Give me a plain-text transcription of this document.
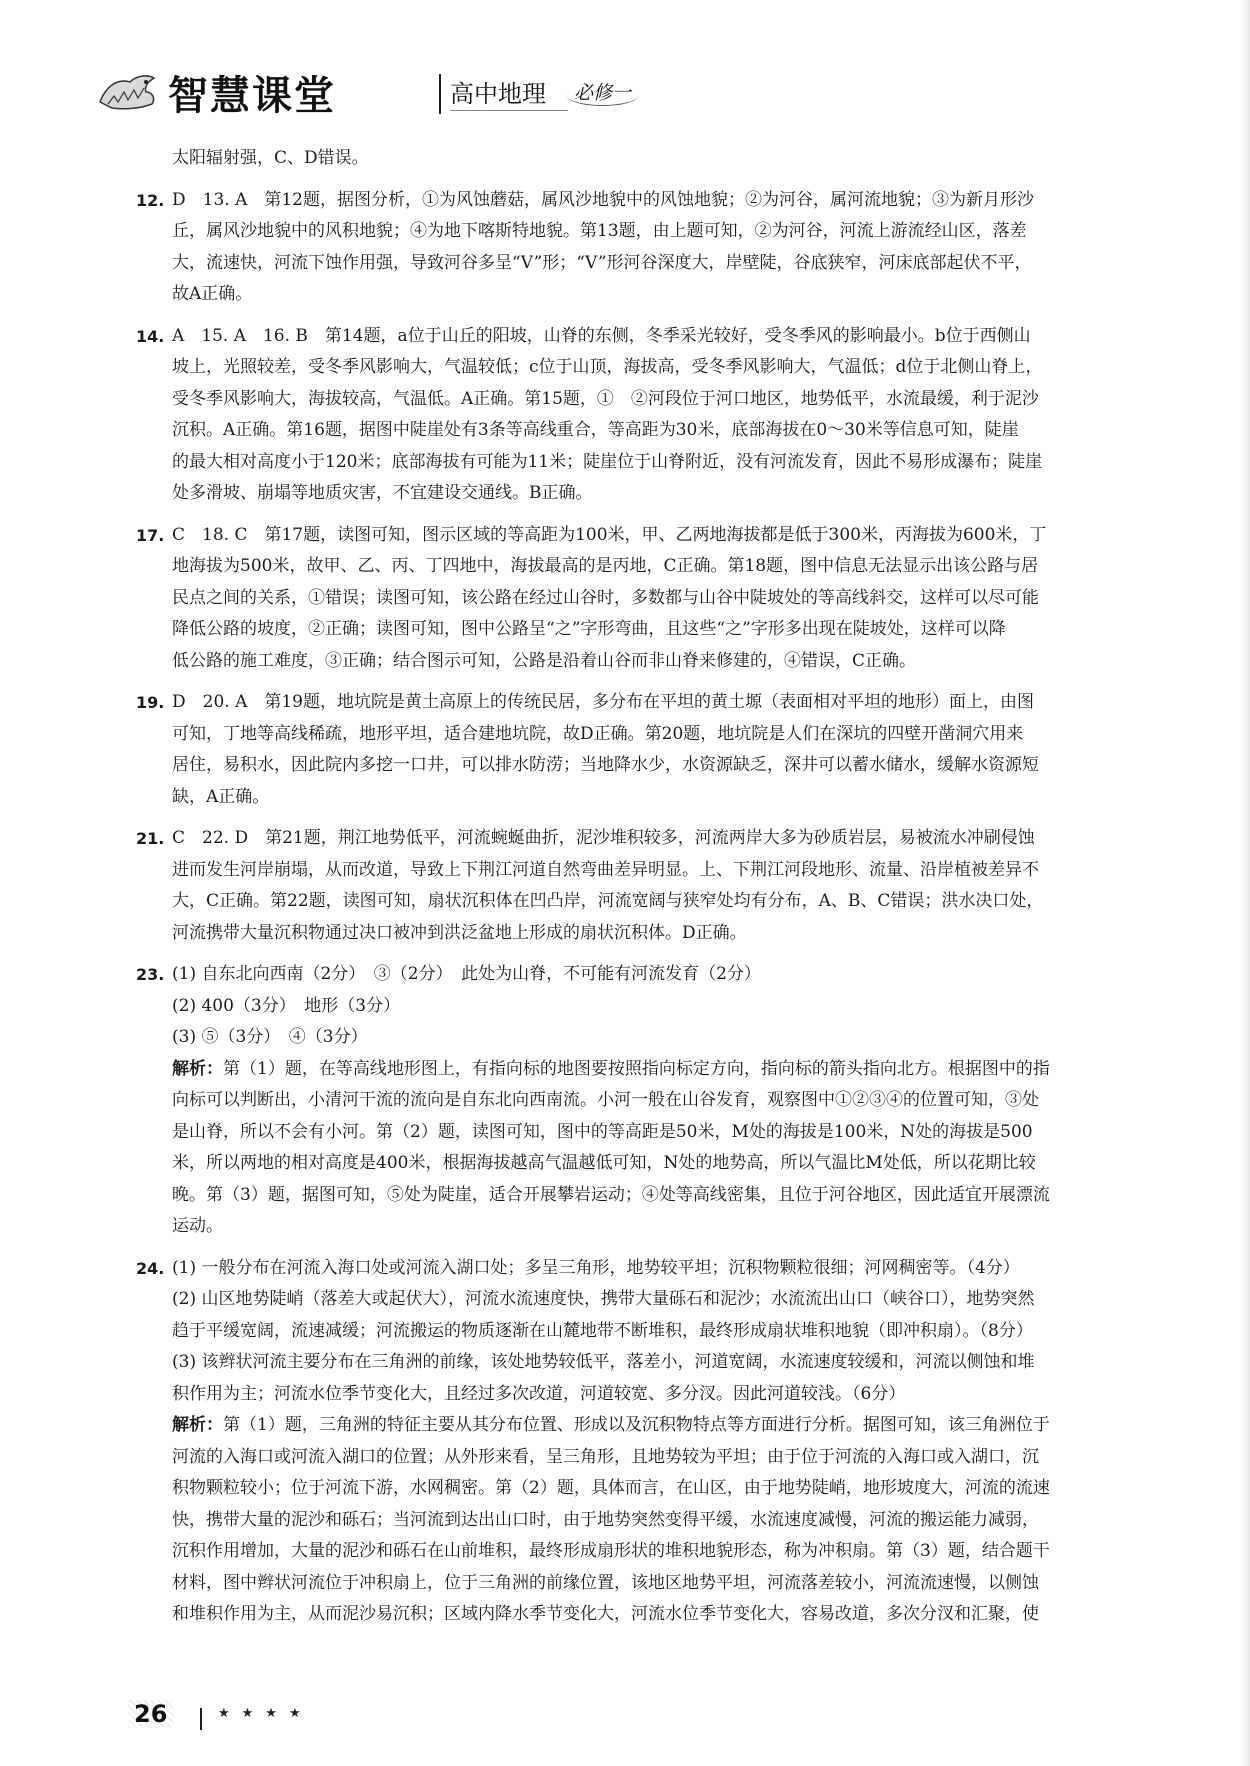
智慧课堂	高中地理	必修一
太阳辐射强，C、D错误。
12. D　13. A　第12题，据图分析，①为风蚀蘑菇，属风沙地貌中的风蚀地貌；②为河谷，属河流地貌；③为新月形沙
丘，属风沙地貌中的风积地貌；④为地下喀斯特地貌。第13题，由上题可知，②为河谷，河流上游流经山区，落差
大，流速快，河流下蚀作用强，导致河谷多呈“V”形；“V”形河谷深度大，岸壁陡，谷底狭窄，河床底部起伏不平，
故A正确。
14. A　15. A　16. B　第14题，a位于山丘的阳坡，山脊的东侧，冬季采光较好，受冬季风的影响最小。b位于西侧山
坡上，光照较差，受冬季风影响大，气温较低；c位于山顶，海拔高，受冬季风影响大，气温低；d位于北侧山脊上，
受冬季风影响大，海拔较高，气温低。A正确。第15题，①　②河段位于河口地区，地势低平，水流最缓，利于泥沙
沉积。A正确。第16题，据图中陡崖处有3条等高线重合，等高距为30米，底部海拔在0～30米等信息可知，陡崖
的最大相对高度小于120米；底部海拔有可能为11米；陡崖位于山脊附近，没有河流发育，因此不易形成瀑布；陡崖
处多滑坡、崩塌等地质灾害，不宜建设交通线。B正确。
17. C　18. C　第17题，读图可知，图示区域的等高距为100米，甲、乙两地海拔都是低于300米，丙海拔为600米，丁
地海拔为500米，故甲、乙、丙、丁四地中，海拔最高的是丙地，C正确。第18题，图中信息无法显示出该公路与居
民点之间的关系，①错误；读图可知，该公路在经过山谷时，多数都与山谷中陡坡处的等高线斜交，这样可以尽可能
降低公路的坡度，②正确；读图可知，图中公路呈“之”字形弯曲，且这些“之”字形多出现在陡坡处，这样可以降
低公路的施工难度，③正确；结合图示可知，公路是沿着山谷而非山脊来修建的，④错误，C正确。
19. D　20. A　第19题，地坑院是黄土高原上的传统民居，多分布在平坦的黄土塬（表面相对平坦的地形）面上，由图
可知，丁地等高线稀疏，地形平坦，适合建地坑院，故D正确。第20题，地坑院是人们在深坑的四壁开凿洞穴用来
居住，易积水，因此院内多挖一口井，可以排水防涝；当地降水少，水资源缺乏，深井可以蓄水储水，缓解水资源短
缺，A正确。
21. C　22. D　第21题，荆江地势低平，河流蜿蜒曲折，泥沙堆积较多，河流两岸大多为砂质岩层，易被流水冲刷侵蚀
进而发生河岸崩塌，从而改道，导致上下荆江河道自然弯曲差异明显。上、下荆江河段地形、流量、沿岸植被差异不
大，C正确。第22题，读图可知，扇状沉积体在凹凸岸，河流宽阔与狭窄处均有分布，A、B、C错误；洪水决口处，
河流携带大量沉积物通过决口被冲到洪泛盆地上形成的扇状沉积体。D正确。
23. (1) 自东北向西南（2分）　③（2分）　此处为山脊，不可能有河流发育（2分）
(2) 400（3分）　地形（3分）
(3) ⑤（3分）　④（3分）
解析：第（1）题，在等高线地形图上，有指向标的地图要按照指向标定方向，指向标的箭头指向北方。根据图中的指
向标可以判断出，小清河干流的流向是自东北向西南流。小河一般在山谷发育，观察图中①②③④的位置可知，③处
是山脊，所以不会有小河。第（2）题，读图可知，图中的等高距是50米，M处的海拔是100米，N处的海拔是500
米，所以两地的相对高度是400米，根据海拔越高气温越低可知，N处的地势高，所以气温比M处低，所以花期比较
晚。第（3）题，据图可知，⑤处为陡崖，适合开展攀岩运动；④处等高线密集，且位于河谷地区，因此适宜开展漂流
运动。
24. (1) 一般分布在河流入海口处或河流入湖口处；多呈三角形，地势较平坦；沉积物颗粒很细；河网稠密等。（4分）
(2) 山区地势陡峭（落差大或起伏大），河流水流速度快，携带大量砾石和泥沙；水流流出山口（峡谷口），地势突然
趋于平缓宽阔，流速减缓；河流搬运的物质逐渐在山麓地带不断堆积，最终形成扇状堆积地貌（即冲积扇）。（8分）
(3) 该辫状河流主要分布在三角洲的前缘，该处地势较低平，落差小，河道宽阔，水流速度较缓和，河流以侧蚀和堆
积作用为主；河流水位季节变化大，且经过多次改道，河道较宽、多分汊。因此河道较浅。（6分）
解析：第（1）题，三角洲的特征主要从其分布位置、形成以及沉积物特点等方面进行分析。据图可知，该三角洲位于
河流的入海口或河流入湖口的位置；从外形来看，呈三角形，且地势较为平坦；由于位于河流的入海口或入湖口，沉
积物颗粒较小；位于河流下游，水网稠密。第（2）题，具体而言，在山区，由于地势陡峭，地形坡度大，河流的流速
快，携带大量的泥沙和砾石；当河流到达出山口时，由于地势突然变得平缓，水流速度减慢，河流的搬运能力减弱，
沉积作用增加，大量的泥沙和砾石在山前堆积，最终形成扇形状的堆积地貌形态，称为冲积扇。第（3）题，结合题干
材料，图中辫状河流位于冲积扇上，位于三角洲的前缘位置，该地区地势平坦，河流落差较小，河流流速慢，以侧蚀
和堆积作用为主，从而泥沙易沉积；区域内降水季节变化大，河流水位季节变化大，容易改道，多次分汊和汇聚，使
26	★★★★
